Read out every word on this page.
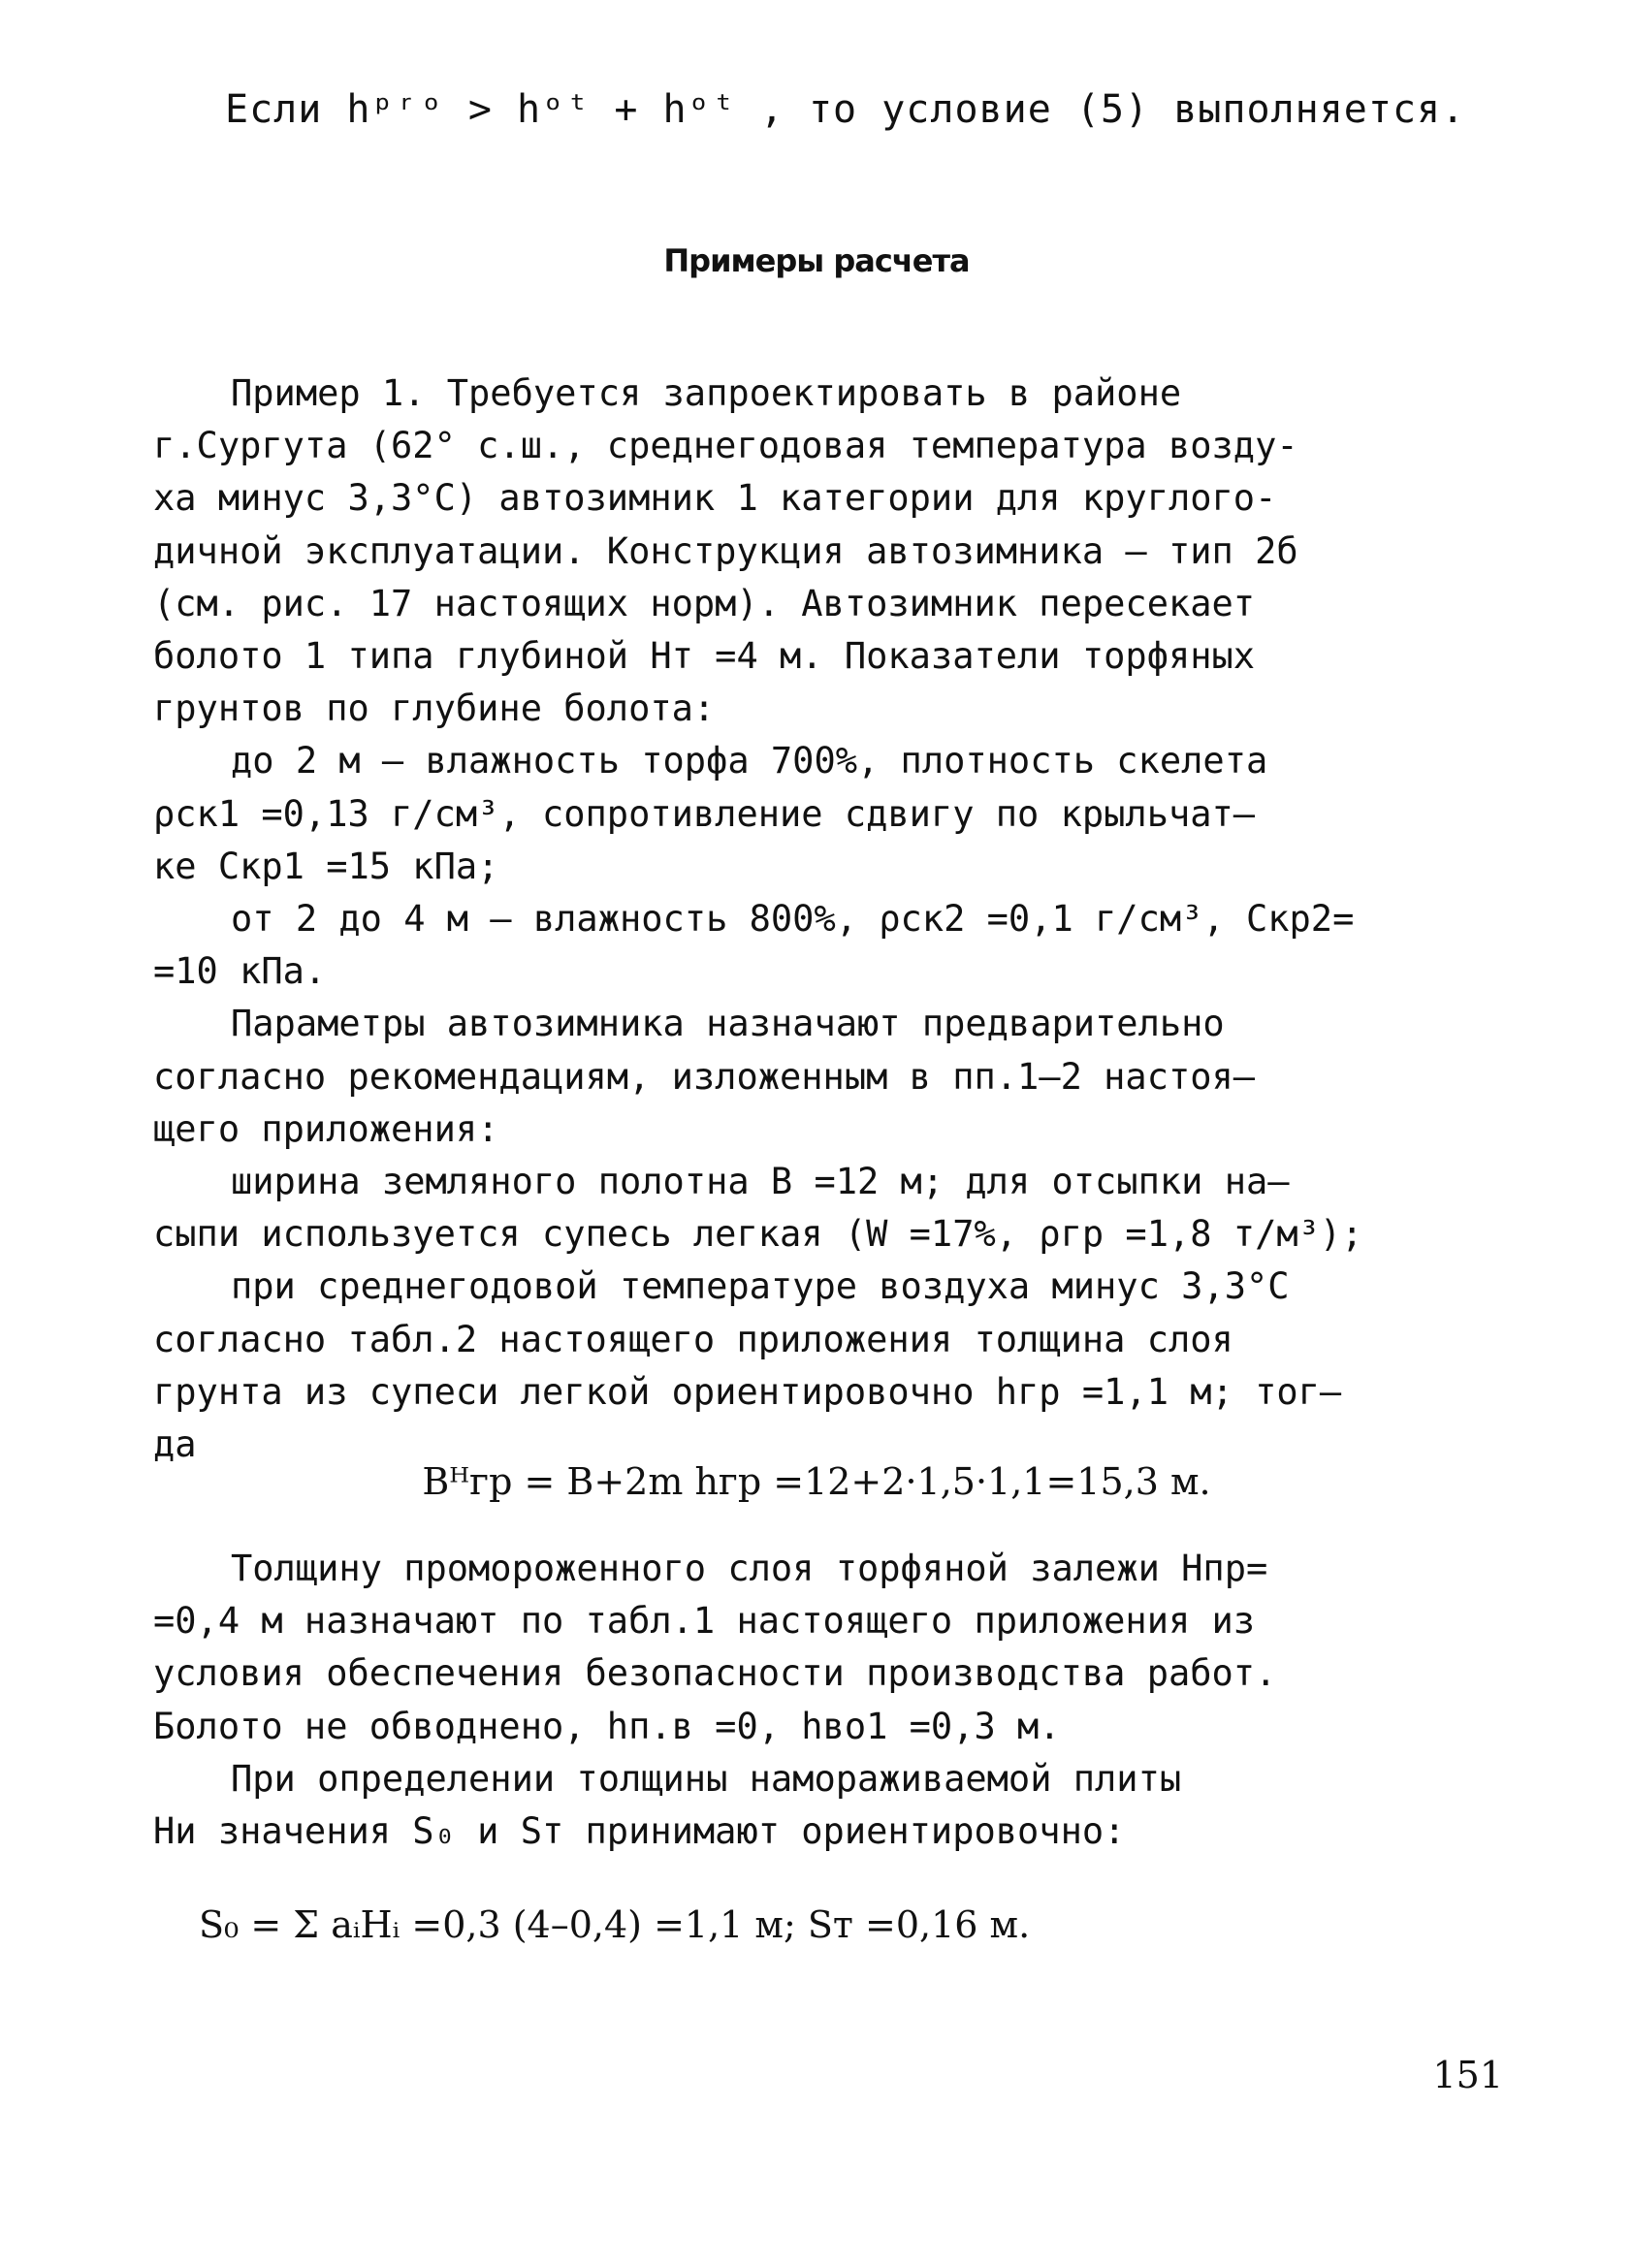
Если hᵖʳᵒ > hᵒᵗ + hᵒᵗ , то условие (5) выполняется.
Примеры расчета
Пример 1. Требуется запроектировать в районе
г.Сургута (62° с.ш., среднегодовая температура возду-
ха минус 3,3°С) автозимник 1 категории для круглого-
дичной эксплуатации. Конструкция автозимника – тип 2б
(см. рис. 17 настоящих норм). Автозимник пересекает
болото 1 типа глубиной Hт =4 м. Показатели торфяных
грунтов по глубине болота:
до 2 м – влажность торфа 700%, плотность скелета
ρск1 =0,13 г/см³, сопротивление сдвигу по крыльчат–
ке Скр1 =15 кПа;
от 2 до 4 м – влажность 800%, ρск2 =0,1 г/см³, Скр2=
=10 кПа.
Параметры автозимника назначают предварительно
согласно рекомендациям, изложенным в пп.1–2 настоя–
щего приложения:
ширина земляного полотна В =12 м; для отсыпки на–
сыпи используется супесь легкая (W =17%, ρгр =1,8 т/м³);
при среднегодовой температуре воздуха минус 3,3°С
согласно табл.2 настоящего приложения толщина слоя
грунта из супеси легкой ориентировочно hгр =1,1 м; тог–
да
Bᴴгр = B+2m hгр =12+2·1,5·1,1=15,3 м.
Толщину промороженного слоя торфяной залежи Hпр=
=0,4 м назначают по табл.1 настоящего приложения из
условия обеспечения безопасности производства работ.
Болото не обводнено, hп.в =0, hво1 =0,3 м.
При определении толщины намораживаемой плиты
Hи значения S₀ и Sт принимают ориентировочно:
S₀ = Σ aᵢHᵢ =0,3 (4–0,4) =1,1 м; Sт =0,16 м.
151
